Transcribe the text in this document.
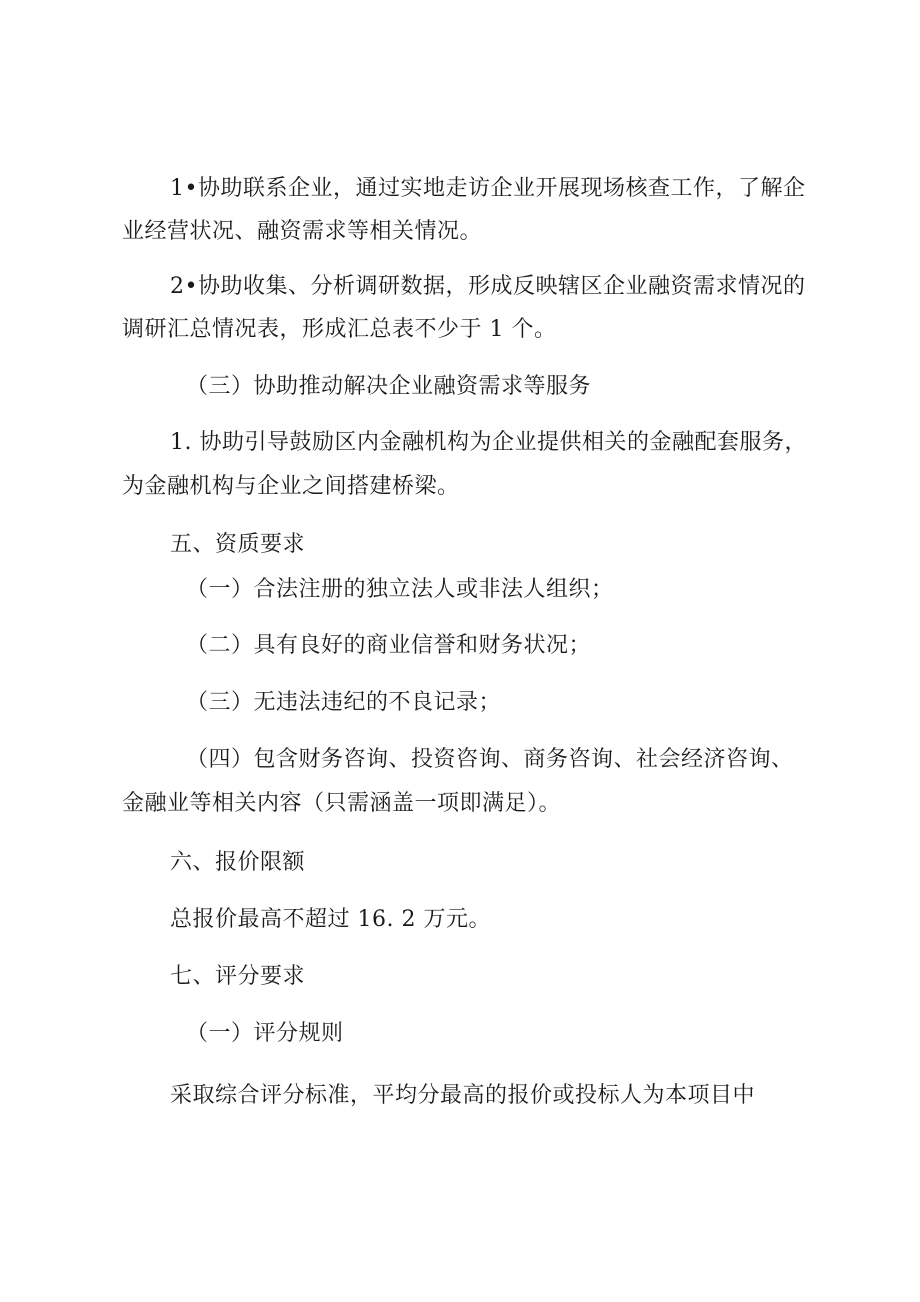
1•协助联系企业，通过实地走访企业开展现场核查工作，了解企
业经营状况、融资需求等相关情况。
2•协助收集、分析调研数据，形成反映辖区企业融资需求情况的
调研汇总情况表，形成汇总表不少于 1 个。
（三）协助推动解决企业融资需求等服务
1. 协助引导鼓励区内金融机构为企业提供相关的金融配套服务，
为金融机构与企业之间搭建桥梁。
五、资质要求
（一）合法注册的独立法人或非法人组织；
（二）具有良好的商业信誉和财务状况；
（三）无违法违纪的不良记录；
（四）包含财务咨询、投资咨询、商务咨询、社会经济咨询、
金融业等相关内容（只需涵盖一项即满足）。
六、报价限额
总报价最高不超过 16. 2 万元。
七、评分要求
（一）评分规则
采取综合评分标准，平均分最高的报价或投标人为本项目中
